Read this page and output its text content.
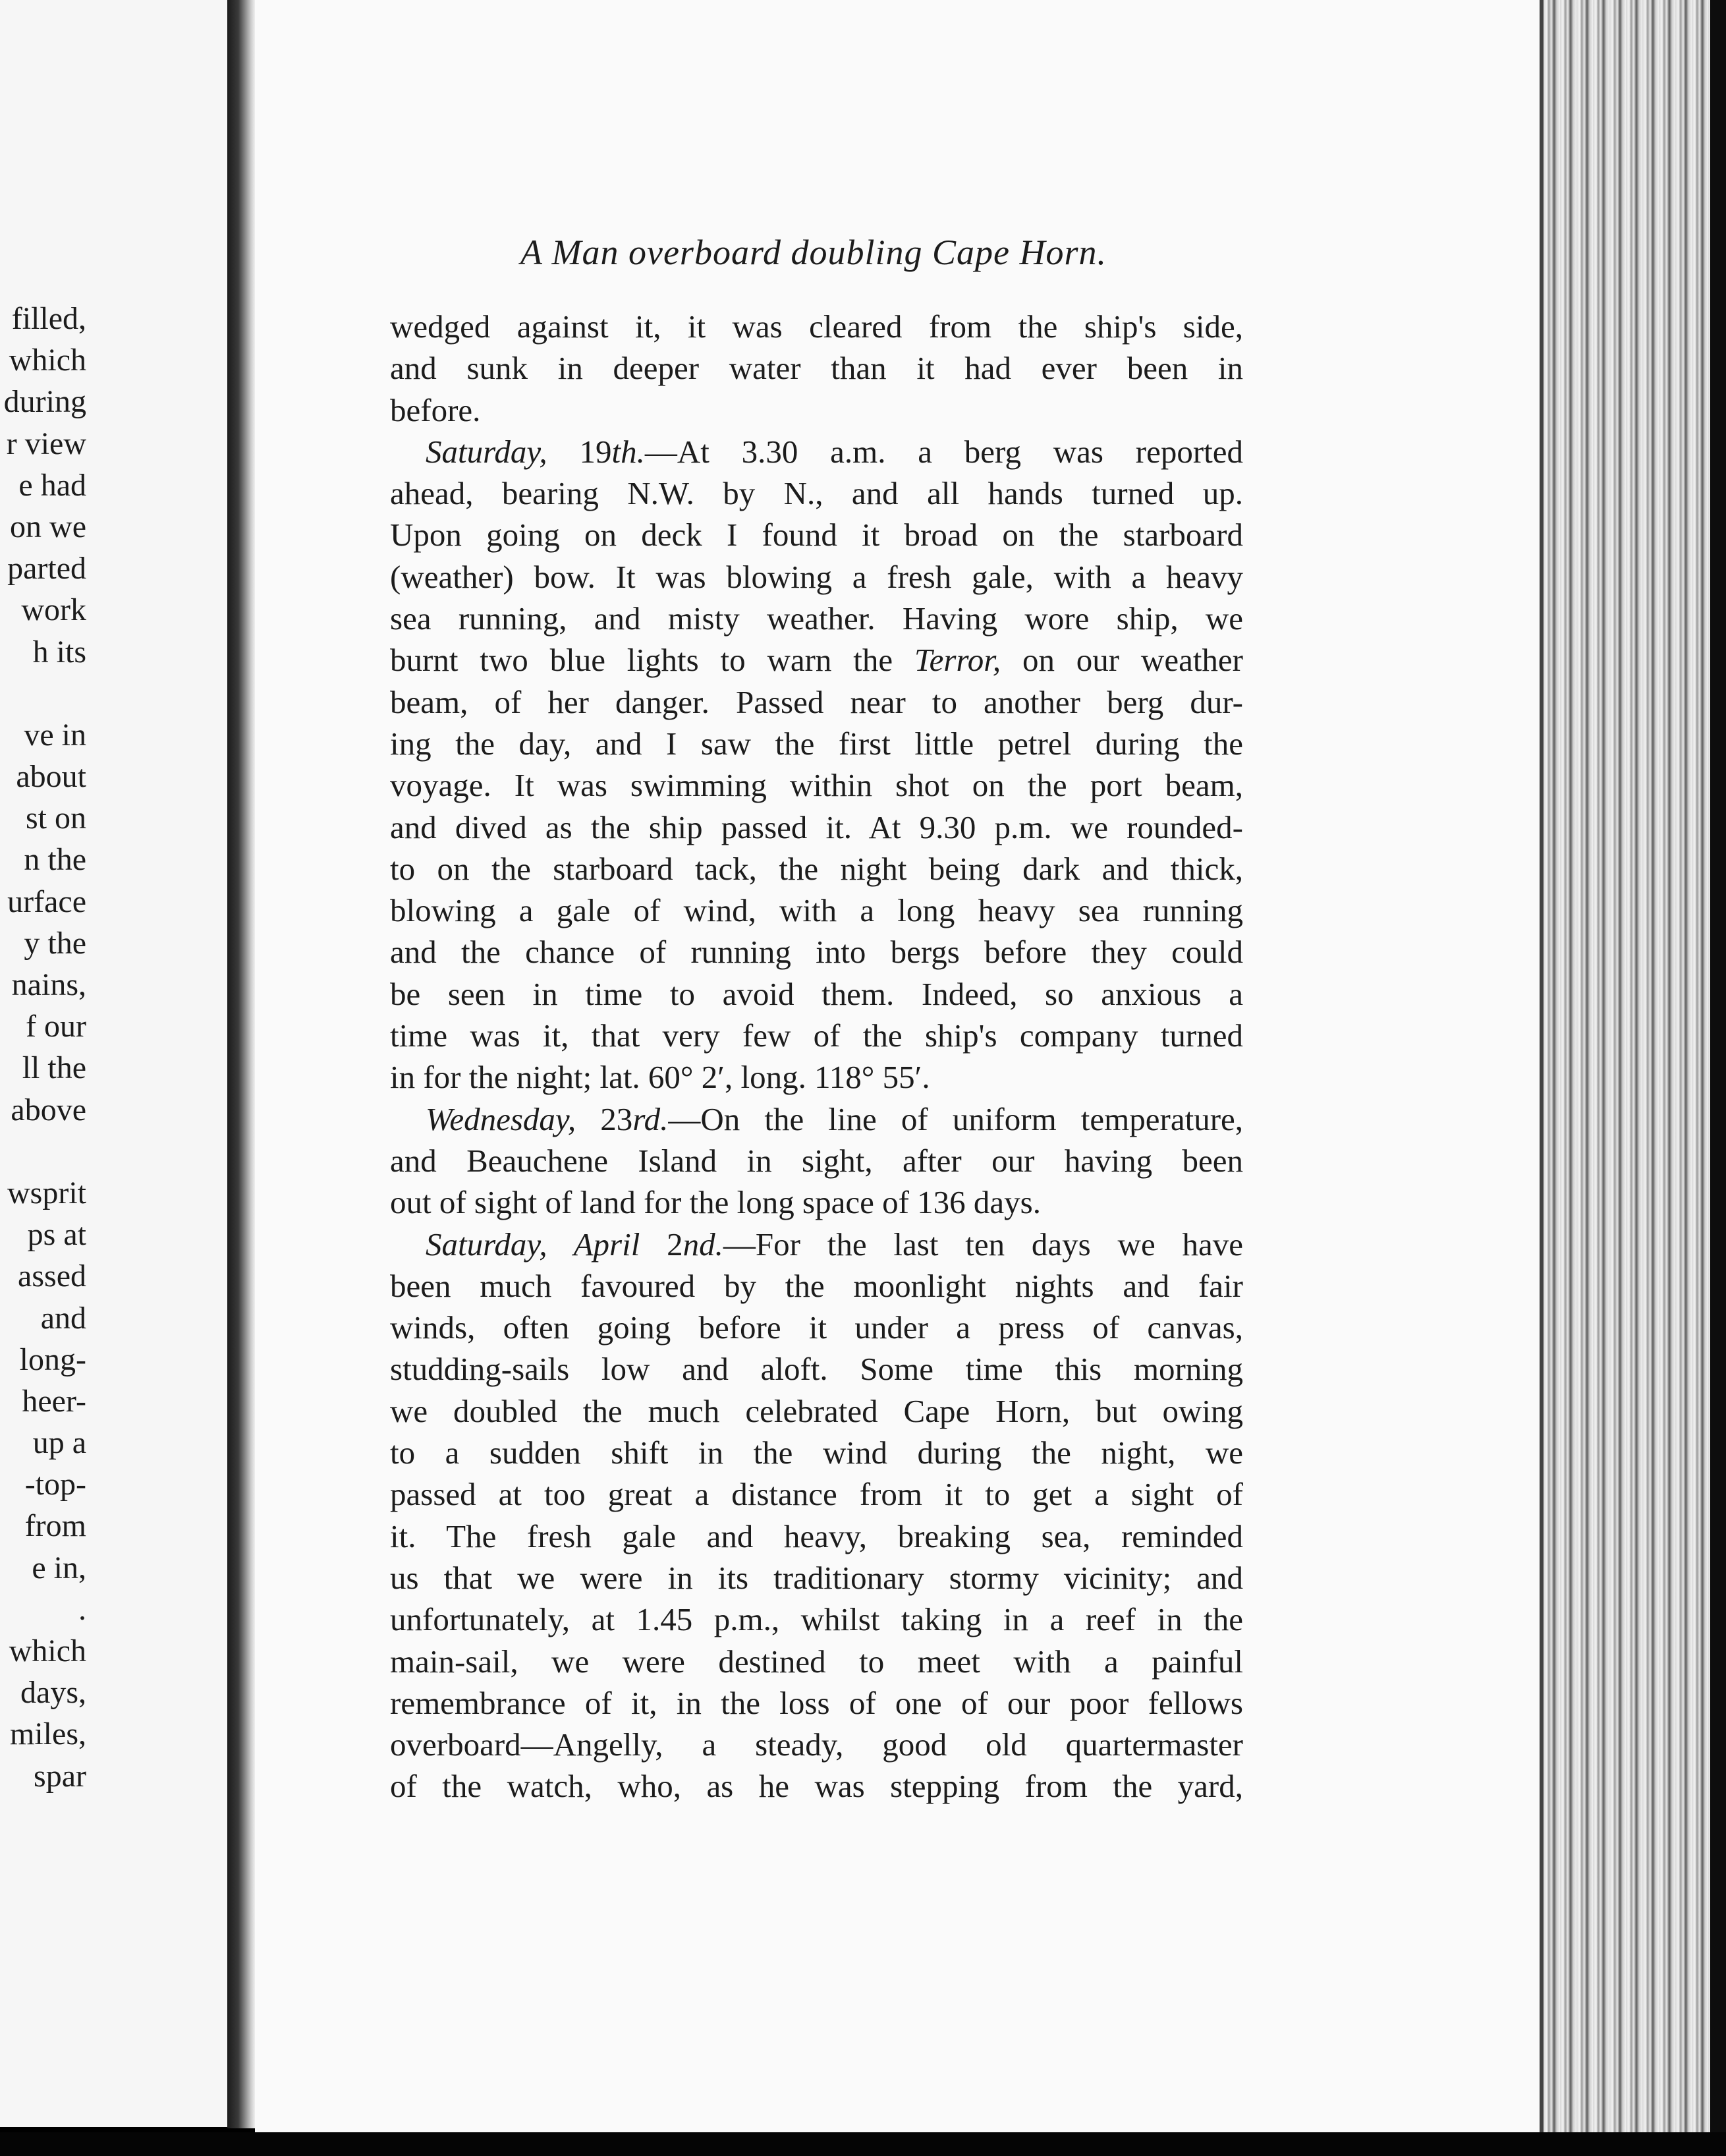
filled,
which
during
r view
e had
on we
parted
work
h its

ve in
about
st on
n the
urface
y the
nains,
f our
ll the
above

wsprit
ps at
assed
and
long-
heer-
up a
-top-
from
e in,
.
which
days,
miles,
spar
A Man overboard doubling Cape Horn.
wedged against it, it was cleared from the ship's side,
and sunk in deeper water than it had ever been in
before.
Saturday, 19th.—At 3.30 a.m. a berg was reported
ahead, bearing N.W. by N., and all hands turned up.
Upon going on deck I found it broad on the starboard
(weather) bow. It was blowing a fresh gale, with a heavy
sea running, and misty weather. Having wore ship, we
burnt two blue lights to warn the Terror, on our weather
beam, of her danger. Passed near to another berg dur-
ing the day, and I saw the first little petrel during the
voyage. It was swimming within shot on the port beam,
and dived as the ship passed it. At 9.30 p.m. we rounded-
to on the starboard tack, the night being dark and thick,
blowing a gale of wind, with a long heavy sea running
and the chance of running into bergs before they could
be seen in time to avoid them. Indeed, so anxious a
time was it, that very few of the ship's company turned
in for the night; lat. 60° 2′, long. 118° 55′.
Wednesday, 23rd.—On the line of uniform temperature,
and Beauchene Island in sight, after our having been
out of sight of land for the long space of 136 days.
Saturday, April 2nd.—For the last ten days we have
been much favoured by the moonlight nights and fair
winds, often going before it under a press of canvas,
studding-sails low and aloft. Some time this morning
we doubled the much celebrated Cape Horn, but owing
to a sudden shift in the wind during the night, we
passed at too great a distance from it to get a sight of
it. The fresh gale and heavy, breaking sea, reminded
us that we were in its traditionary stormy vicinity; and
unfortunately, at 1.45 p.m., whilst taking in a reef in the
main-sail, we were destined to meet with a painful
remembrance of it, in the loss of one of our poor fellows
overboard—Angelly, a steady, good old quartermaster
of the watch, who, as he was stepping from the yard,
